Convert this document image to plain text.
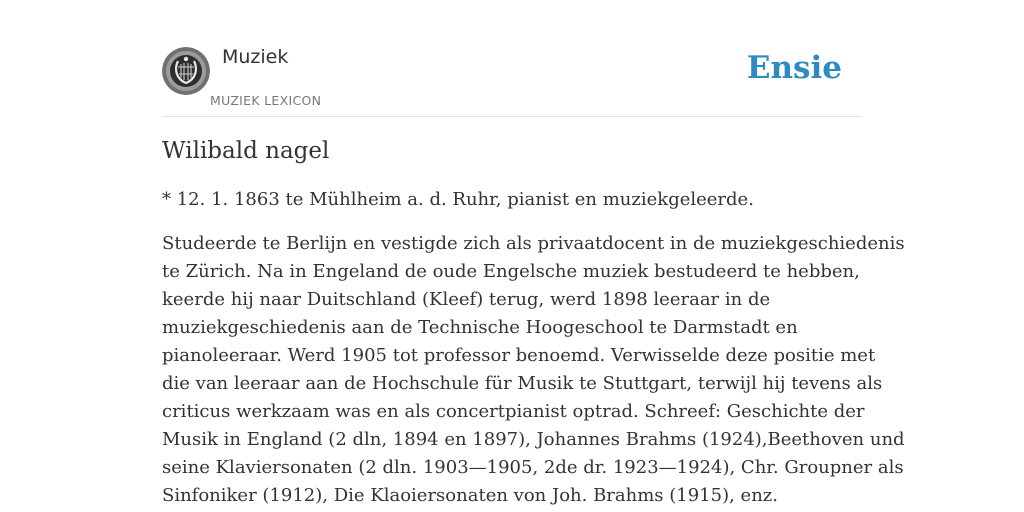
Muziek
MUZIEK LEXICON
Ensie
Wilibald nagel

* 12. 1. 1863 te Mühlheim a. d. Ruhr, pianist en muziekgeleerde.

Studeerde te Berlijn en vestigde zich als privaatdocent in de muziekgeschiedenis
te Zürich. Na in Engeland de oude Engelsche muziek bestudeerd te hebben,
keerde hij naar Duitschland (Kleef) terug, werd 1898 leeraar in de
muziekgeschiedenis aan de Technische Hoogeschool te Darmstadt en
pianoleeraar. Werd 1905 tot professor benoemd. Verwisselde deze positie met
die van leeraar aan de Hochschule für Musik te Stuttgart, terwijl hij tevens als
criticus werkzaam was en als concertpianist optrad. Schreef: Geschichte der
Musik in England (2 dln, 1894 en 1897), Johannes Brahms (1924),Beethoven und
seine Klaviersonaten (2 dln. 1903—1905, 2de dr. 1923—1924), Chr. Groupner als
Sinfoniker (1912), Die Klaoiersonaten von Joh. Brahms (1915), enz.
